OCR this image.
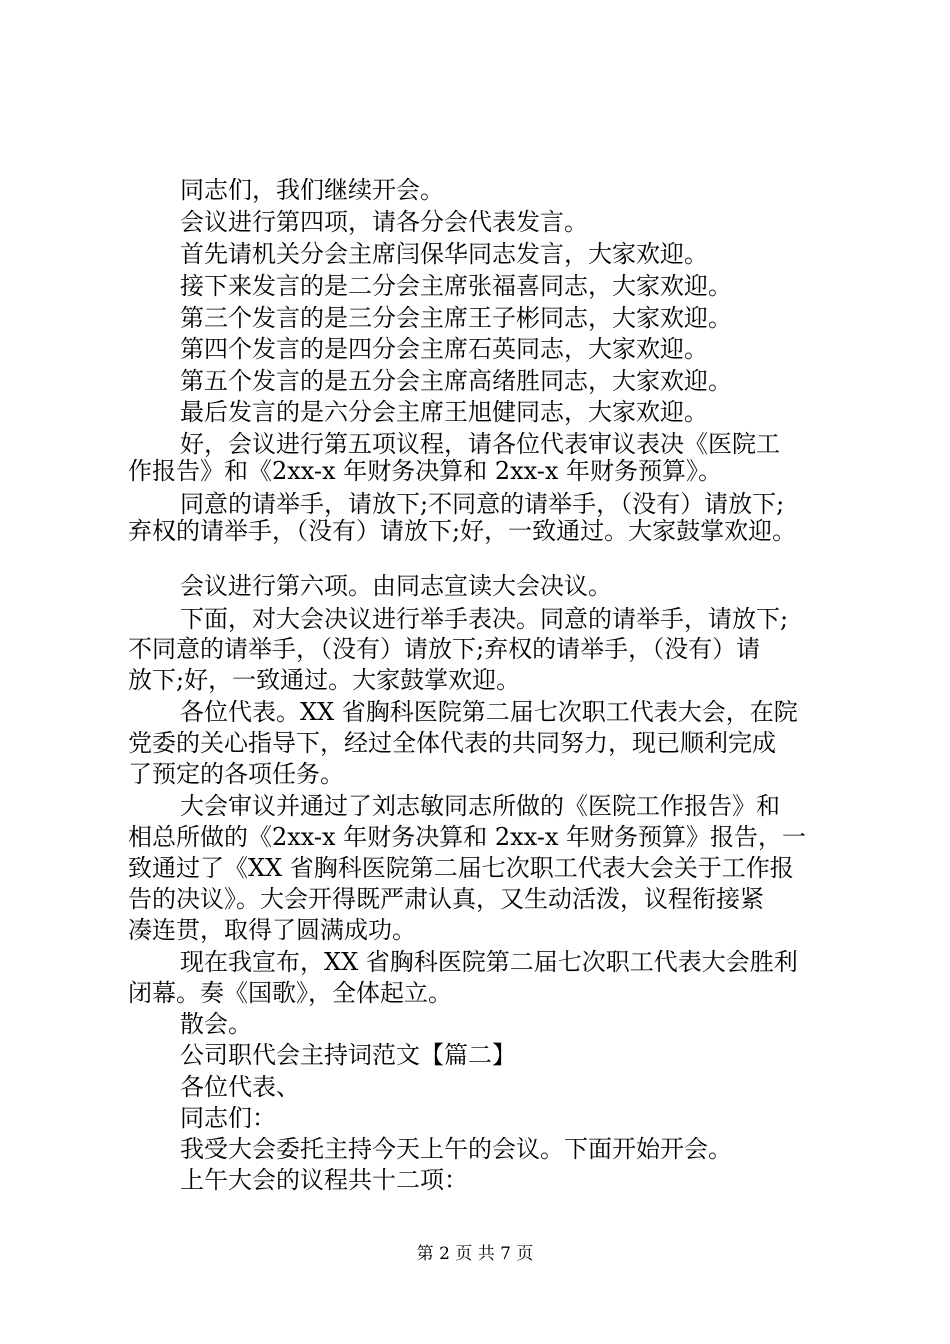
同志们，我们继续开会。
会议进行第四项，请各分会代表发言。
首先请机关分会主席闫保华同志发言，大家欢迎。
接下来发言的是二分会主席张福喜同志，大家欢迎。
第三个发言的是三分会主席王子彬同志，大家欢迎。
第四个发言的是四分会主席石英同志，大家欢迎。
第五个发言的是五分会主席高绪胜同志，大家欢迎。
最后发言的是六分会主席王旭健同志，大家欢迎。
好，会议进行第五项议程，请各位代表审议表决《医院工
作报告》和《2xx-x 年财务决算和 2xx-x 年财务预算》。
同意的请举手，请放下;不同意的请举手，（没有）请放下;
弃权的请举手，（没有）请放下;好，一致通过。大家鼓掌欢迎。
会议进行第六项。由同志宣读大会决议。
下面，对大会决议进行举手表决。同意的请举手，请放下;
不同意的请举手，（没有）请放下;弃权的请举手，（没有）请
放下;好，一致通过。大家鼓掌欢迎。
各位代表。XX 省胸科医院第二届七次职工代表大会，在院
党委的关心指导下，经过全体代表的共同努力，现已顺利完成
了预定的各项任务。
大会审议并通过了刘志敏同志所做的《医院工作报告》和
相总所做的《2xx-x 年财务决算和 2xx-x 年财务预算》报告，一
致通过了《XX 省胸科医院第二届七次职工代表大会关于工作报
告的决议》。大会开得既严肃认真，又生动活泼，议程衔接紧
凑连贯，取得了圆满成功。
现在我宣布，XX 省胸科医院第二届七次职工代表大会胜利
闭幕。奏《国歌》，全体起立。
散会。
公司职代会主持词范文【篇二】
各位代表、
同志们：
我受大会委托主持今天上午的会议。下面开始开会。
上午大会的议程共十二项：
第 2 页 共 7 页
